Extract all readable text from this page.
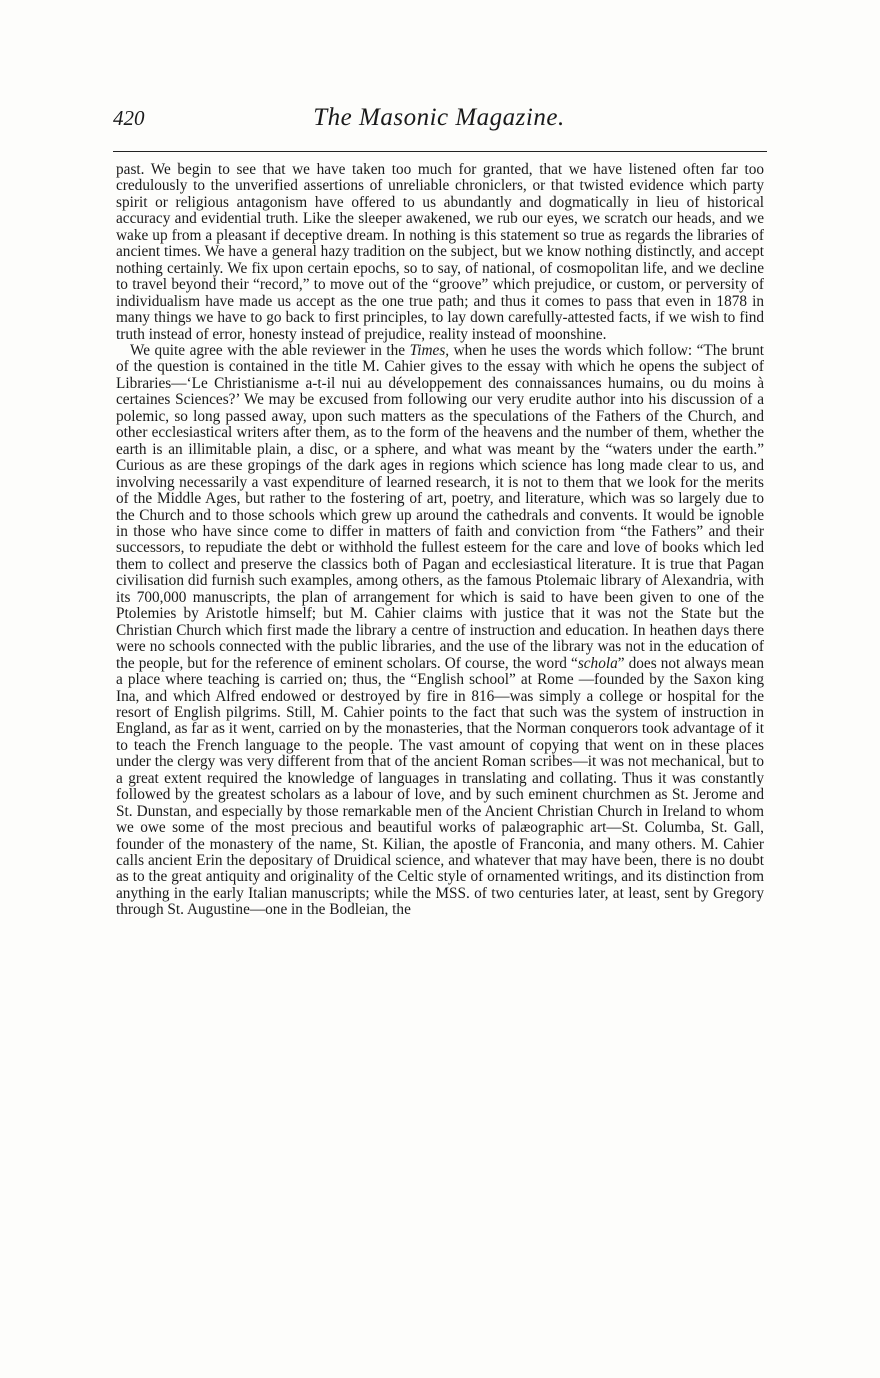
420	The Masonic Magazine.

past. We begin to see that we have taken too much for granted, that we have listened often far too credulously to the unverified assertions of unreliable chroniclers, or that twisted evidence which party spirit or religious antagonism have offered to us abundantly and dogmatically in lieu of historical accuracy and evidential truth. Like the sleeper awakened, we rub our eyes, we scratch our heads, and we wake up from a pleasant if deceptive dream. In nothing is this statement so true as regards the libraries of ancient times. We have a general hazy tradition on the subject, but we know nothing distinctly, and accept nothing certainly. We fix upon certain epochs, so to say, of national, of cosmopolitan life, and we decline to travel beyond their “record,” to move out of the “groove” which prejudice, or custom, or perversity of individualism have made us accept as the one true path; and thus it comes to pass that even in 1878 in many things we have to go back to first principles, to lay down carefully-attested facts, if we wish to find truth instead of error, honesty instead of prejudice, reality instead of moonshine.

We quite agree with the able reviewer in the Times, when he uses the words which follow: “The brunt of the question is contained in the title M. Cahier gives to the essay with which he opens the subject of Libraries—‘Le Christianisme a-t-il nui au développement des connaissances humains, ou du moins à certaines Sciences?’ We may be excused from following our very erudite author into his discussion of a polemic, so long passed away, upon such matters as the speculations of the Fathers of the Church, and other ecclesiastical writers after them, as to the form of the heavens and the number of them, whether the earth is an illimitable plain, a disc, or a sphere, and what was meant by the “waters under the earth.” Curious as are these gropings of the dark ages in regions which science has long made clear to us, and involving necessarily a vast expenditure of learned research, it is not to them that we look for the merits of the Middle Ages, but rather to the fostering of art, poetry, and literature, which was so largely due to the Church and to those schools which grew up around the cathedrals and convents. It would be ignoble in those who have since come to differ in matters of faith and conviction from “the Fathers” and their successors, to repudiate the debt or withhold the fullest esteem for the care and love of books which led them to collect and preserve the classics both of Pagan and ecclesiastical literature. It is true that Pagan civilisation did furnish such examples, among others, as the famous Ptolemaic library of Alexandria, with its 700,000 manuscripts, the plan of arrangement for which is said to have been given to one of the Ptolemies by Aristotle himself; but M. Cahier claims with justice that it was not the State but the Christian Church which first made the library a centre of instruction and education. In heathen days there were no schools connected with the public libraries, and the use of the library was not in the education of the people, but for the reference of eminent scholars. Of course, the word “schola” does not always mean a place where teaching is carried on; thus, the “English school” at Rome —founded by the Saxon king Ina, and which Alfred endowed or destroyed by fire in 816—was simply a college or hospital for the resort of English pilgrims. Still, M. Cahier points to the fact that such was the system of instruction in England, as far as it went, carried on by the monasteries, that the Norman conquerors took advantage of it to teach the French language to the people. The vast amount of copying that went on in these places under the clergy was very different from that of the ancient Roman scribes—it was not mechanical, but to a great extent required the knowledge of languages in translating and collating. Thus it was constantly followed by the greatest scholars as a labour of love, and by such eminent churchmen as St. Jerome and St. Dunstan, and especially by those remarkable men of the Ancient Christian Church in Ireland to whom we owe some of the most precious and beautiful works of palæographic art—St. Columba, St. Gall, founder of the monastery of the name, St. Kilian, the apostle of Franconia, and many others. M. Cahier calls ancient Erin the depositary of Druidical science, and whatever that may have been, there is no doubt as to the great antiquity and originality of the Celtic style of ornamented writings, and its distinction from anything in the early Italian manuscripts; while the MSS. of two centuries later, at least, sent by Gregory through St. Augustine—one in the Bodleian, the
